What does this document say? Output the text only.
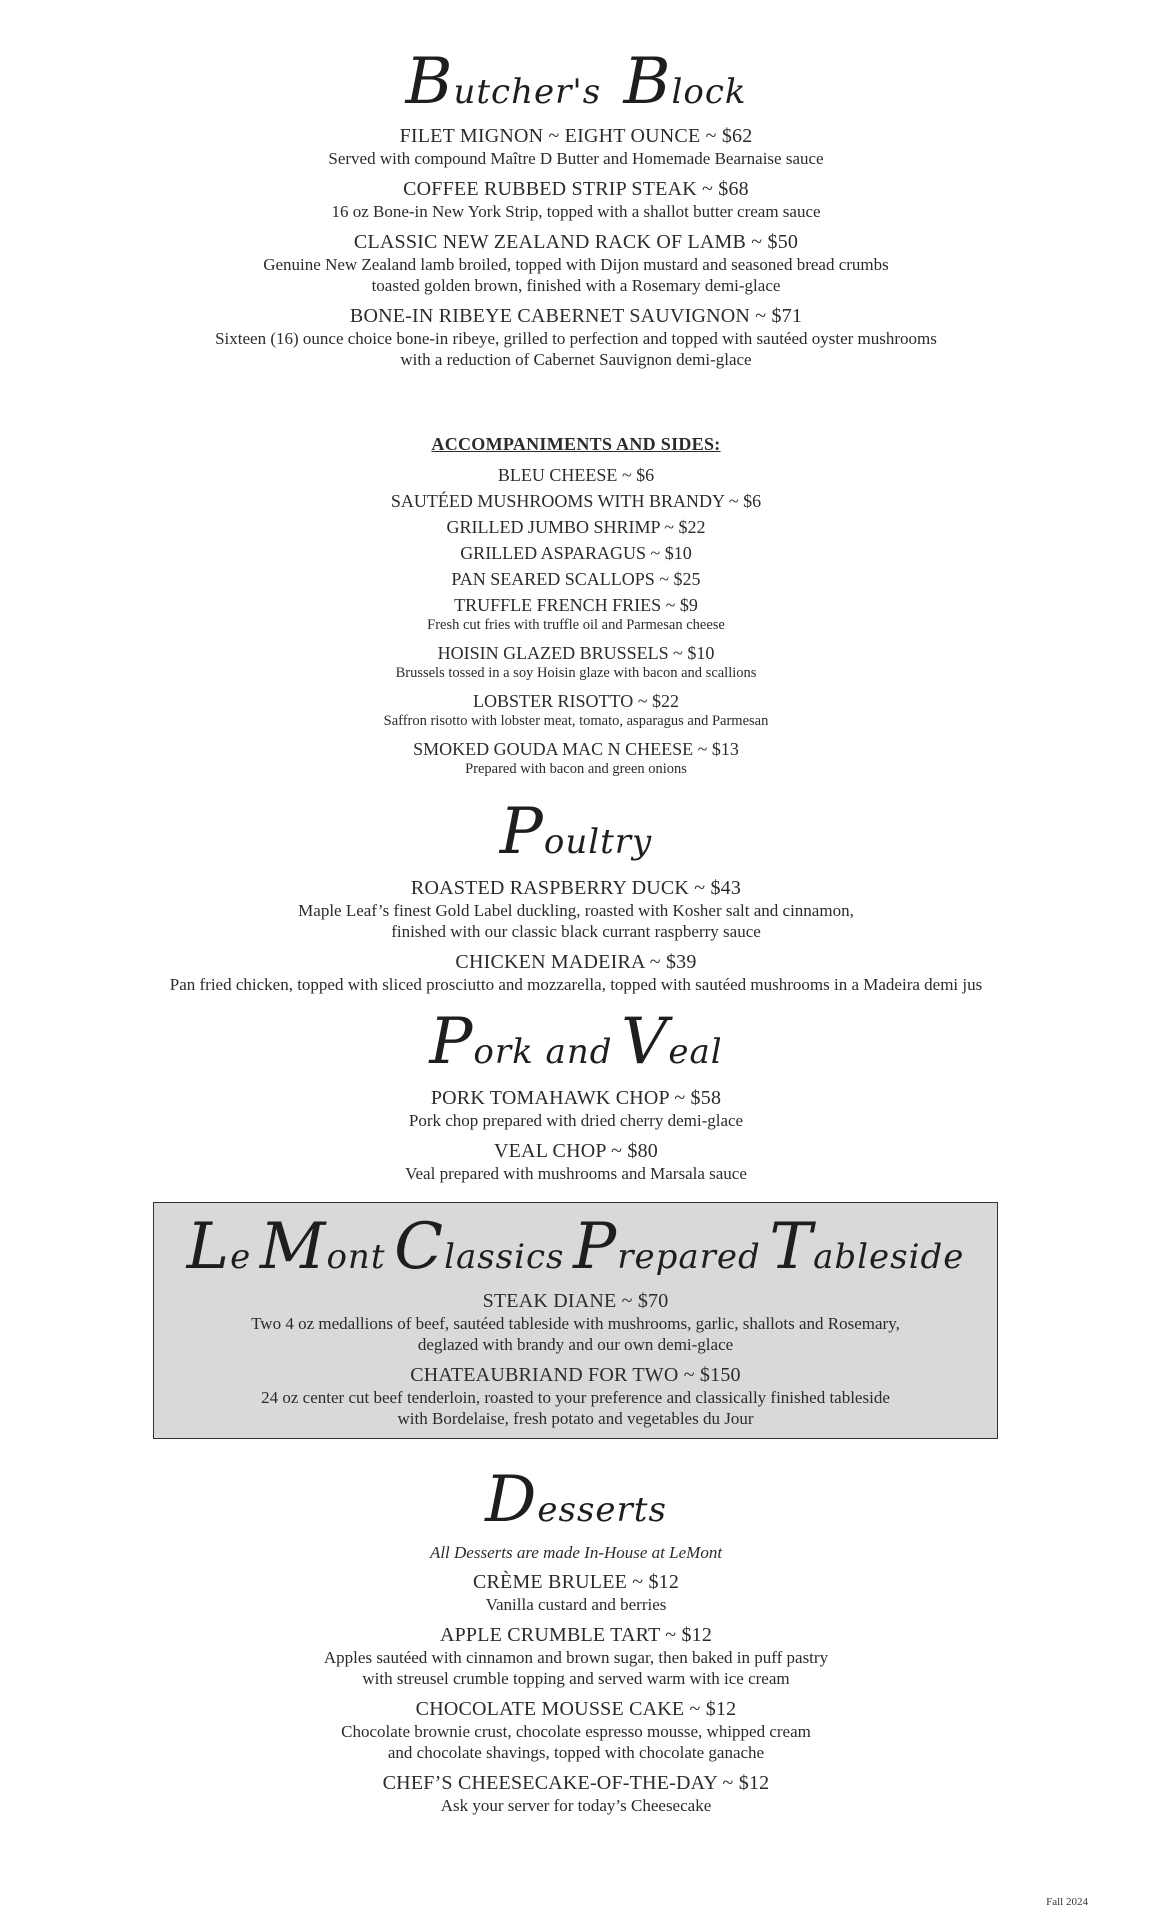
Butcher's Block
FILET MIGNON ~ EIGHT OUNCE ~ $62
Served with compound Maître D Butter and Homemade Bearnaise sauce
COFFEE RUBBED STRIP STEAK ~ $68
16 oz Bone-in New York Strip, topped with a shallot butter cream sauce
CLASSIC NEW ZEALAND RACK OF LAMB ~ $50
Genuine New Zealand lamb broiled, topped with Dijon mustard and seasoned bread crumbs
toasted golden brown, finished with a Rosemary demi-glace
BONE-IN RIBEYE CABERNET SAUVIGNON ~ $71
Sixteen (16) ounce choice bone-in ribeye, grilled to perfection and topped with sautéed oyster mushrooms
with a reduction of Cabernet Sauvignon demi-glace
ACCOMPANIMENTS AND SIDES:
BLEU CHEESE ~ $6
SAUTÉED MUSHROOMS WITH BRANDY ~ $6
GRILLED JUMBO SHRIMP ~ $22
GRILLED ASPARAGUS ~ $10
PAN SEARED SCALLOPS ~ $25
TRUFFLE FRENCH FRIES ~ $9
Fresh cut fries with truffle oil and Parmesan cheese
HOISIN GLAZED BRUSSELS ~ $10
Brussels tossed in a soy Hoisin glaze with bacon and scallions
LOBSTER RISOTTO ~ $22
Saffron risotto with lobster meat, tomato, asparagus and Parmesan
SMOKED GOUDA MAC N CHEESE ~ $13
Prepared with bacon and green onions
Poultry
ROASTED RASPBERRY DUCK ~ $43
Maple Leaf’s finest Gold Label duckling, roasted with Kosher salt and cinnamon,
finished with our classic black currant raspberry sauce
CHICKEN MADEIRA ~ $39
Pan fried chicken, topped with sliced prosciutto and mozzarella, topped with sautéed mushrooms in a Madeira demi jus
Pork and Veal
PORK TOMAHAWK CHOP ~ $58
Pork chop prepared with dried cherry demi-glace
VEAL CHOP ~ $80
Veal prepared with mushrooms and Marsala sauce
Le Mont Classics Prepared Tableside
STEAK DIANE ~ $70
Two 4 oz medallions of beef, sautéed tableside with mushrooms, garlic, shallots and Rosemary,
deglazed with brandy and our own demi-glace
CHATEAUBRIAND FOR TWO ~ $150
24 oz center cut beef tenderloin, roasted to your preference and classically finished tableside
with Bordelaise, fresh potato and vegetables du Jour
Desserts
All Desserts are made In-House at LeMont
CRÈME BRULEE ~ $12
Vanilla custard and berries
APPLE CRUMBLE TART ~ $12
Apples sautéed with cinnamon and brown sugar, then baked in puff pastry
with streusel crumble topping and served warm with ice cream
CHOCOLATE MOUSSE CAKE ~ $12
Chocolate brownie crust, chocolate espresso mousse, whipped cream
and chocolate shavings, topped with chocolate ganache
CHEF’S CHEESECAKE-OF-THE-DAY ~ $12
Ask your server for today’s Cheesecake
Fall 2024
